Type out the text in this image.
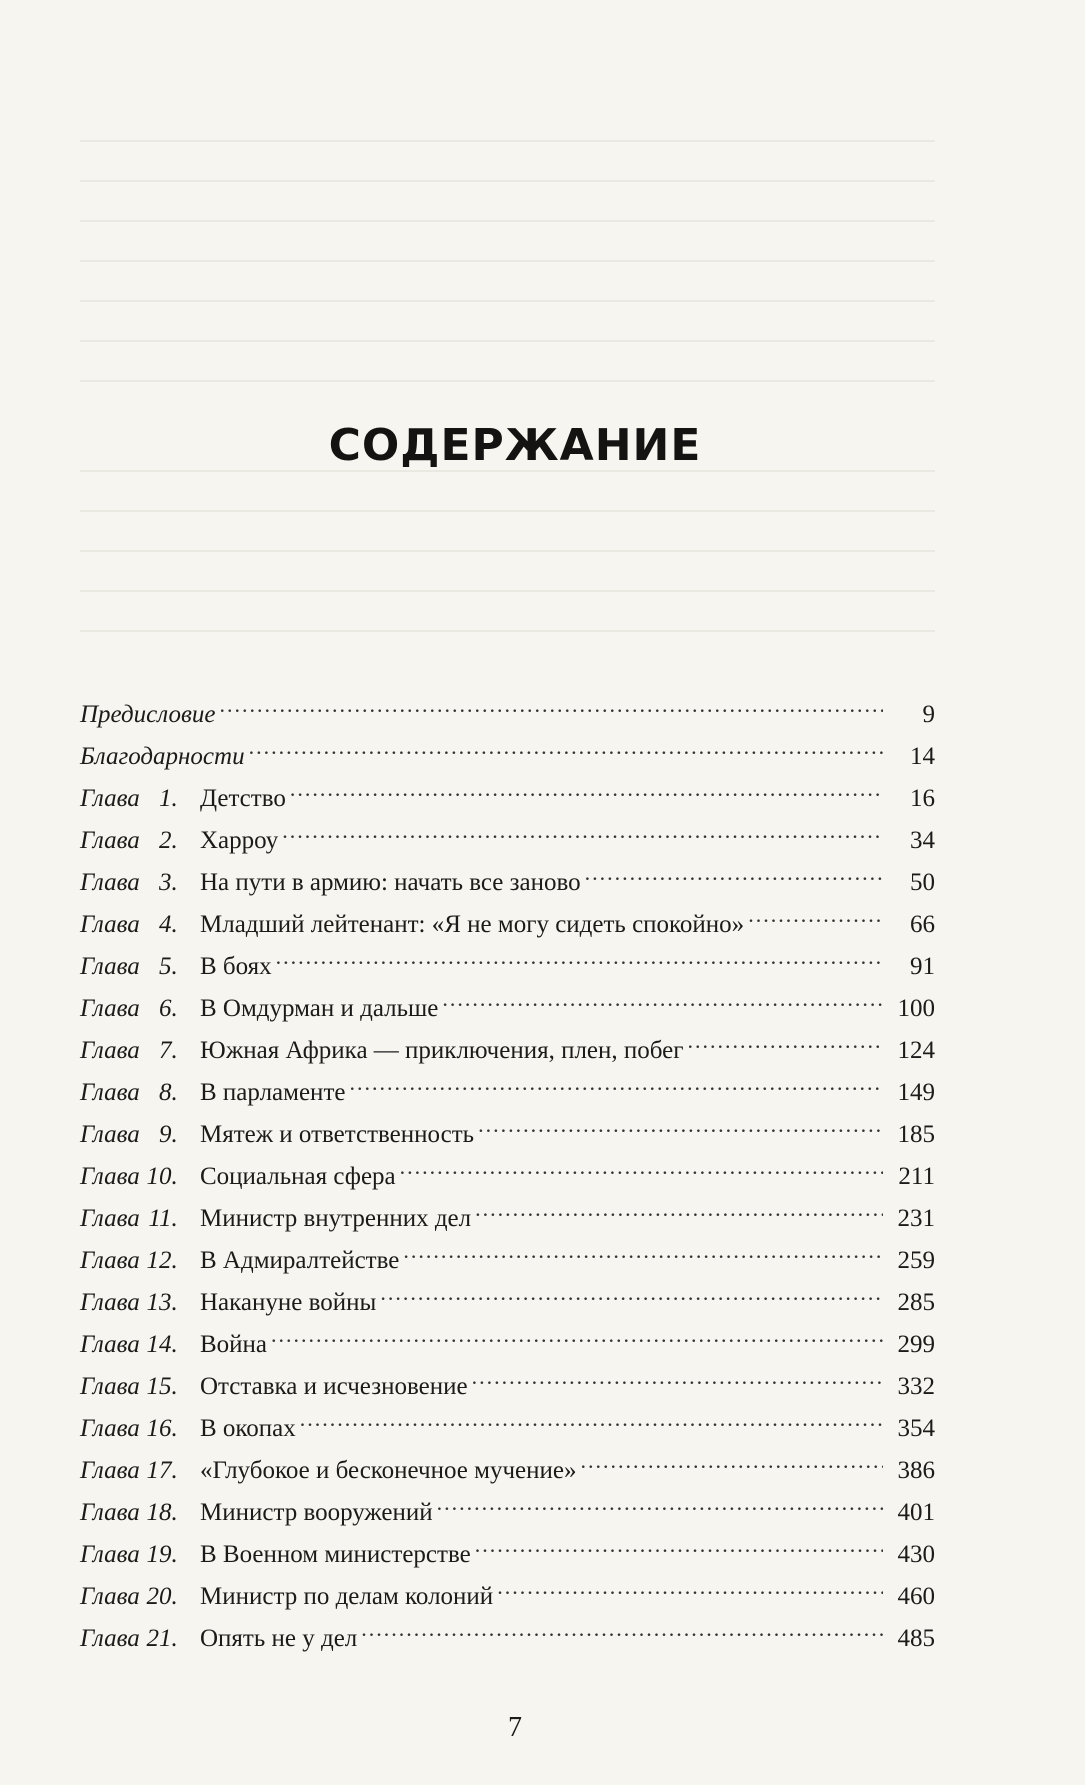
СОДЕРЖАНИЕ
Предисловие .....	9
Благодарности .....	14
Глава 1. Детство .....	16
Глава 2. Харроу .....	34
Глава 3. На пути в армию: начать все заново .....	50
Глава 4. Младший лейтенант: «Я не могу сидеть спокойно» .....	66
Глава 5. В боях .....	91
Глава 6. В Омдурман и дальше .....	100
Глава 7. Южная Африка — приключения, плен, побег .....	124
Глава 8. В парламенте .....	149
Глава 9. Мятеж и ответственность .....	185
Глава 10. Социальная сфера .....	211
Глава 11. Министр внутренних дел .....	231
Глава 12. В Адмиралтействе .....	259
Глава 13. Накануне войны .....	285
Глава 14. Война .....	299
Глава 15. Отставка и исчезновение .....	332
Глава 16. В окопах .....	354
Глава 17. «Глубокое и бесконечное мучение» .....	386
Глава 18. Министр вооружений .....	401
Глава 19. В Военном министерстве .....	430
Глава 20. Министр по делам колоний .....	460
Глава 21. Опять не у дел .....	485
7
